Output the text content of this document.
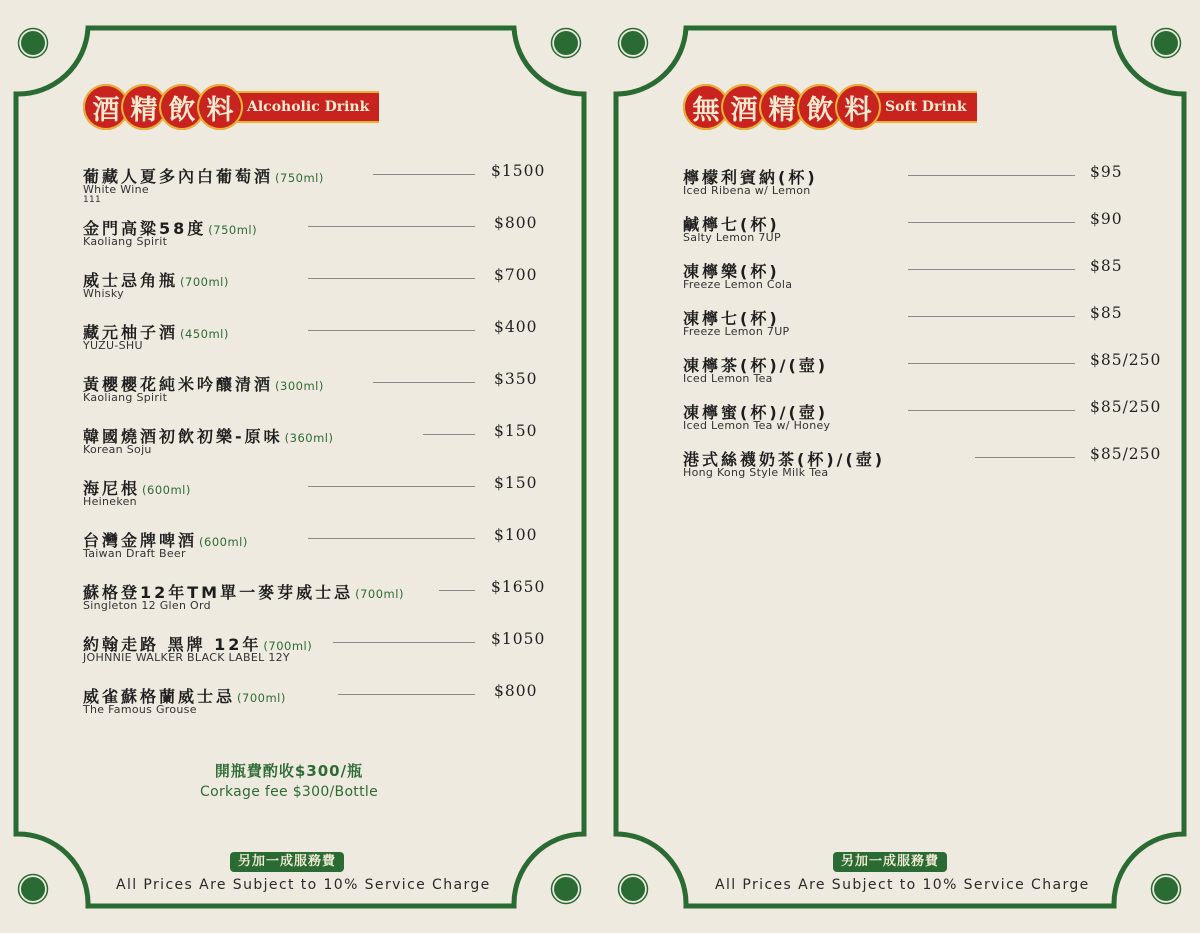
酒 精 飲 料 Alcoholic Drink
葡藏人夏多內白葡萄酒 (750ml)
White Wine
111
$1500
金門高粱58度 (750ml)
Kaoliang Spirit
$800
威士忌角瓶 (700ml)
Whisky
$700
藏元柚子酒 (450ml)
YUZU-SHU
$400
黃櫻櫻花純米吟釀清酒 (300ml)
Kaoliang Spirit
$350
韓國燒酒初飲初樂-原味 (360ml)
Korean Soju
$150
海尼根 (600ml)
Heineken
$150
台灣金牌啤酒 (600ml)
Taiwan Draft Beer
$100
蘇格登12年TM單一麥芽威士忌 (700ml)
Singleton 12 Glen Ord
$1650
約翰走路 黑牌 12年 (700ml)
JOHNNIE WALKER BLACK LABEL 12Y
$1050
威雀蘇格蘭威士忌 (700ml)
The Famous Grouse
$800
開瓶費酌收$300/瓶
Corkage fee $300/Bottle
另加一成服務費
All Prices Are Subject to 10% Service Charge
無 酒 精 飲 料 Soft Drink
檸檬利賓納(杯)
Iced Ribena w/ Lemon
$95
鹹檸七(杯)
Salty Lemon 7UP
$90
凍檸樂(杯)
Freeze Lemon Cola
$85
凍檸七(杯)
Freeze Lemon 7UP
$85
凍檸茶(杯)/(壺)
Iced Lemon Tea
$85/250
凍檸蜜(杯)/(壺)
Iced Lemon Tea w/ Honey
$85/250
港式絲襪奶茶(杯)/(壺)
Hong Kong Style Milk Tea
$85/250
另加一成服務費
All Prices Are Subject to 10% Service Charge
